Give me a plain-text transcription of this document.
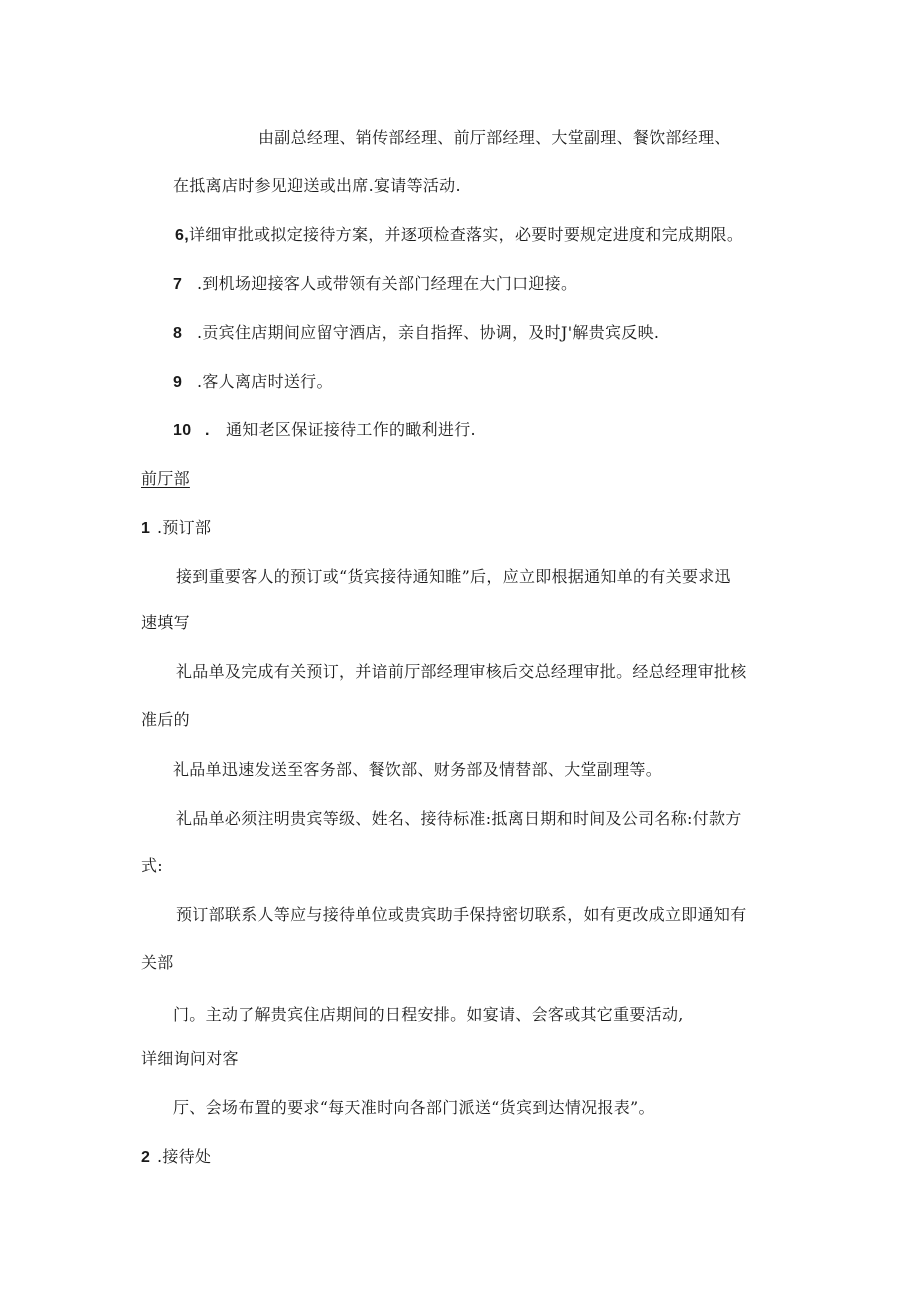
由副总经理、销传部经理、前厅部经理、大堂副理、餐饮部经理、
在抵离店时参见迎送或出席.宴请等活动.
6,详细审批或拟定接待方案，并逐项检查落实，必要时要规定进度和完成期限。
7 .到机场迎接客人或带领有关部门经理在大门口迎接。
8 .贡宾住店期间应留守酒店，亲自指挥、协调，及时J'解贵宾反映.
9 .客人离店时送行。
10 . 通知老区保证接待工作的瞰利进行.
前厅部
1 .预订部
接到重要客人的预订或“货宾接待通知睢”后，应立即根据通知单的有关要求迅
速填写
礼品单及完成有关预订，并谙前厅部经理审核后交总经理审批。经总经理审批核
准后的
礼品单迅速发送至客务部、餐饮部、财务部及情替部、大堂副理等。
礼品单必须注明贵宾等级、姓名、接待标准:抵离日期和时间及公司名称:付款方
式:
预订部联系人等应与接待单位或贵宾助手保持密切联系，如有更改成立即通知有
关部
门。主动了解贵宾住店期间的日程安排。如宴请、会客或其它重要活动,
详细询问对客
厅、会场布置的要求“每天准时向各部门派送“货宾到达情况报表”。
2 .接待处
